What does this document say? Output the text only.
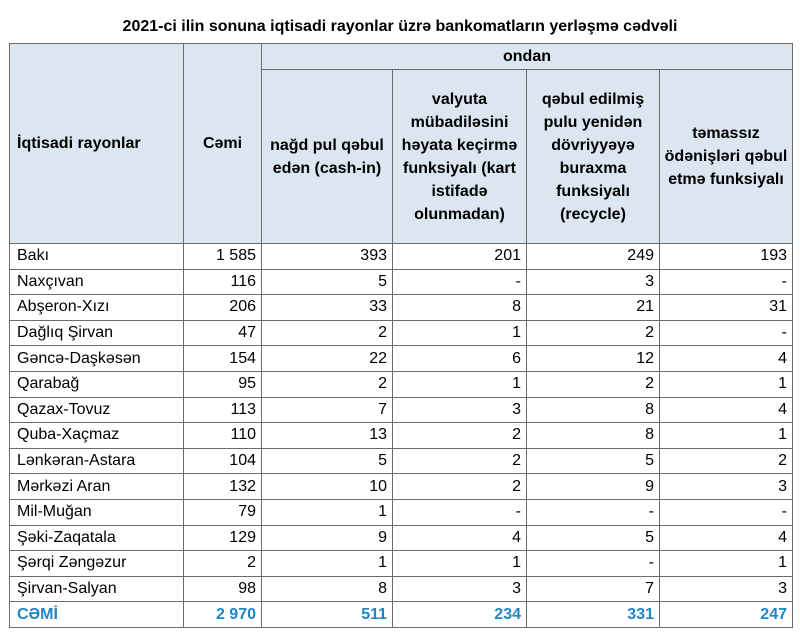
2021-ci ilin sonuna iqtisadi rayonlar üzrə bankomatların yerləşmə cədvəli
İqtisadi rayonlar	Cəmi	ondan			
		nağd pul qəbul edən (cash-in)	valyuta mübadiləsini həyata keçirmə funksiyalı (kart istifadə olunmadan)	qəbul edilmiş pulu yenidən dövriyyəyə buraxma funksiyalı (recycle)	təmassız ödənişləri qəbul etmə funksiyalı
Bakı	1 585	393	201	249	193
Naxçıvan	116	5	-	3	-
Abşeron-Xızı	206	33	8	21	31
Dağlıq Şirvan	47	2	1	2	-
Gəncə-Daşkəsən	154	22	6	12	4
Qarabağ	95	2	1	2	1
Qazax-Tovuz	113	7	3	8	4
Quba-Xaçmaz	110	13	2	8	1
Lənkəran-Astara	104	5	2	5	2
Mərkəzi Aran	132	10	2	9	3
Mil-Muğan	79	1	-	-	-
Şəki-Zaqatala	129	9	4	5	4
Şərqi Zəngəzur	2	1	1	-	1
Şirvan-Salyan	98	8	3	7	3
CƏMİ	2 970	511	234	331	247
